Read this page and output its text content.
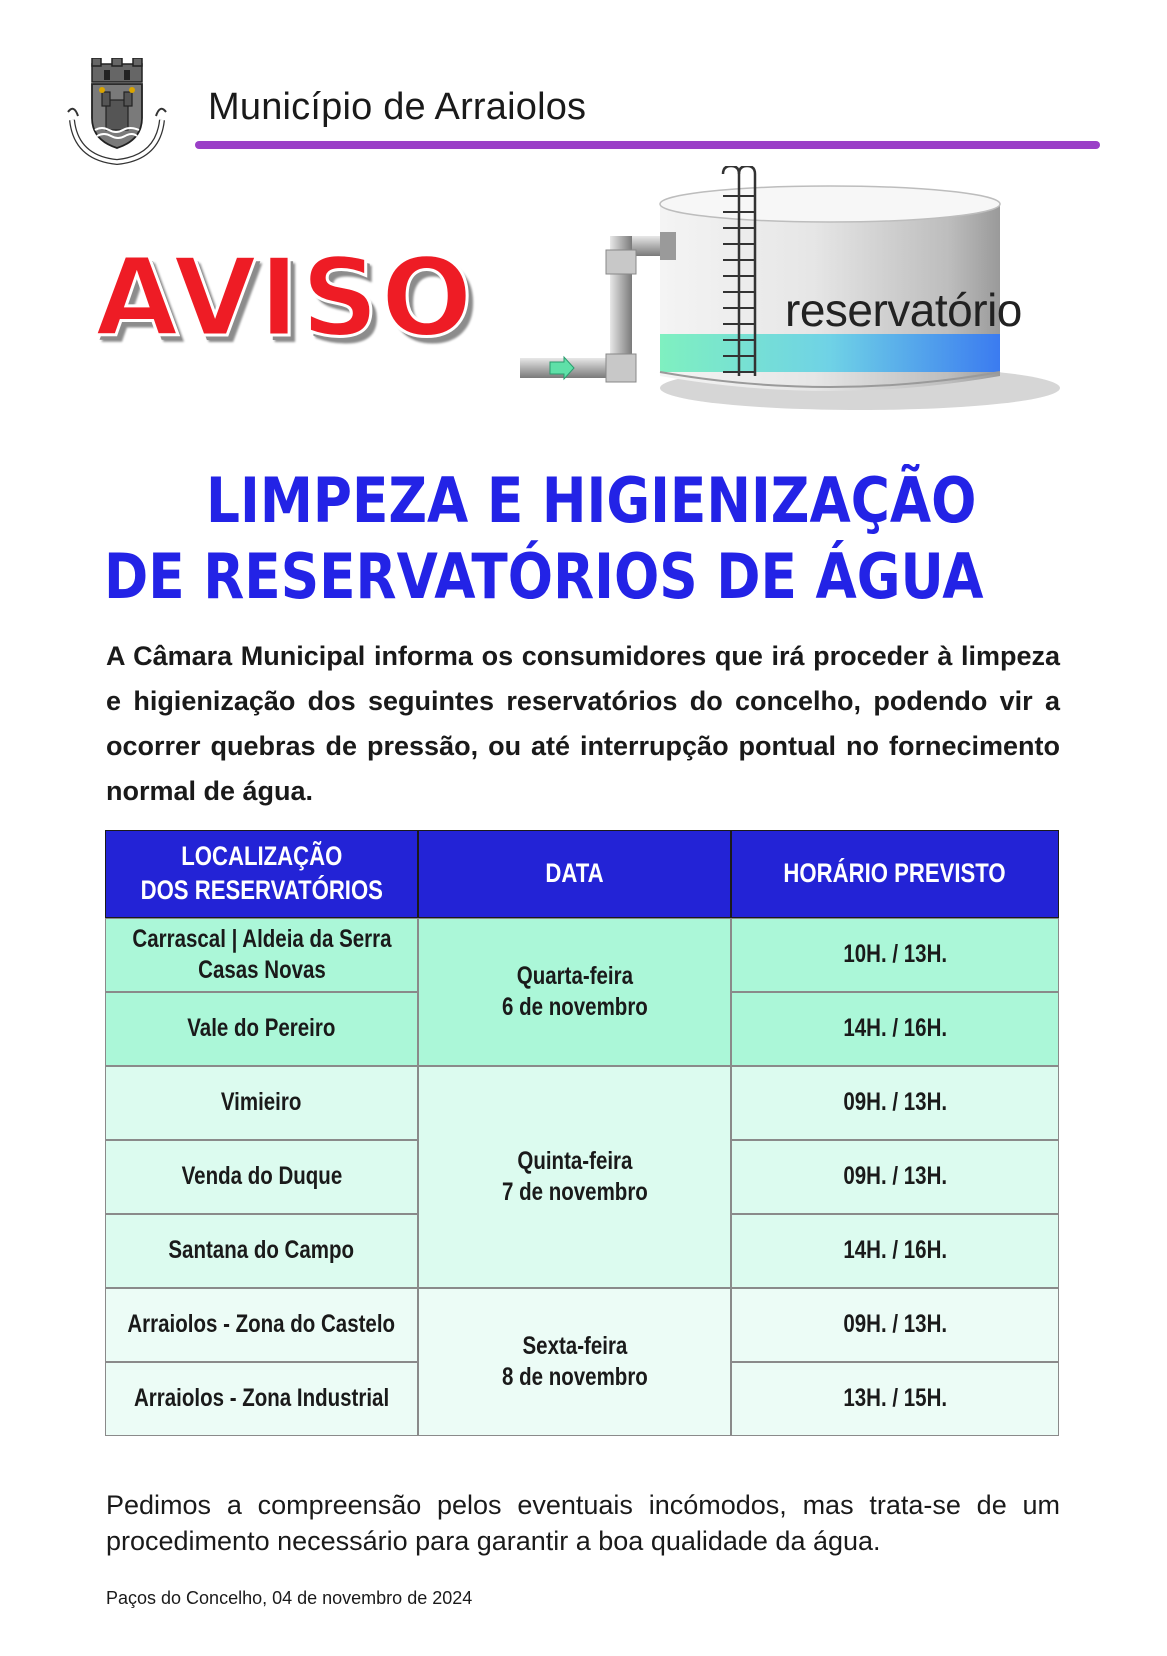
Município de Arraiolos
AVISO	reservatório
LIMPEZA E HIGIENIZAÇÃO
DE RESERVATÓRIOS DE ÁGUA
A Câmara Municipal informa os consumidores que irá proceder à limpeza e higienização dos seguintes reservatórios do concelho, podendo vir a ocorrer quebras de pressão, ou até interrupção pontual no fornecimento normal de água.
LOCALIZAÇÃO
DOS RESERVATÓRIOS
DATA	HORÁRIO PREVISTO
Carrascal | Aldeia da Serra
Casas Novas
Vale do Pereiro
Quarta-feira
6 de novembro
10H. / 13H.
14H. / 16H.
Vimieiro
Venda do Duque
Santana do Campo
Quinta-feira
7 de novembro
09H. / 13H.
09H. / 13H.
14H. / 16H.
Arraiolos - Zona do Castelo
Arraiolos - Zona Industrial
Sexta-feira
8 de novembro
09H. / 13H.
13H. / 15H.
Pedimos a compreensão pelos eventuais incómodos, mas trata-se de um procedimento necessário para garantir a boa qualidade da água.
Paços do Concelho, 04 de novembro de 2024
